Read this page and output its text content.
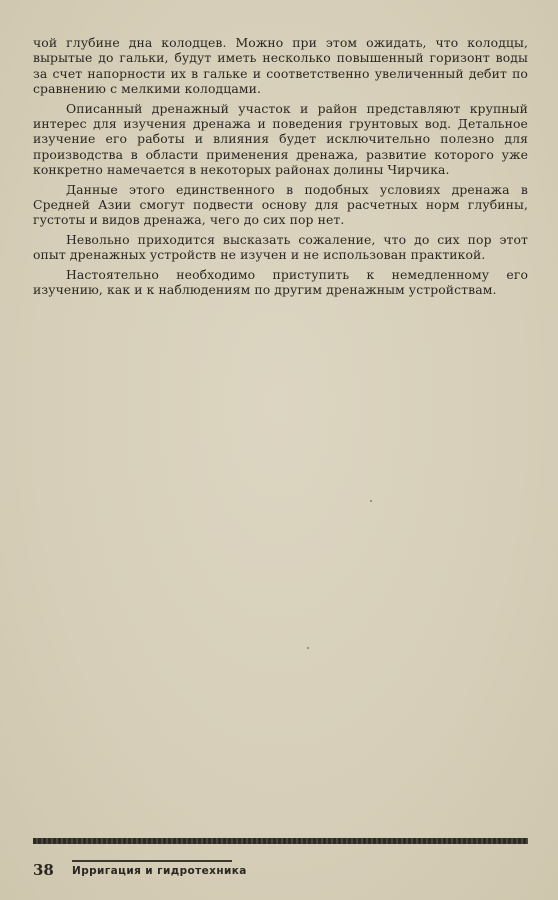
чой глубине дна колодцев. Можно при этом ожидать, что колодцы, вырытые до гальки, будут иметь несколько повышенный горизонт воды за счет напорности их в гальке и соответственно увеличенный дебит по сравнению с мелкими колодцами.

Описанный дренажный участок и район представляют крупный интерес для изучения дренажа и поведения грунтовых вод. Детальное изучение его работы и влияния будет исключительно полезно для производства в области применения дренажа, развитие которого уже конкретно намечается в некоторых районах долины Чирчика.

Данные этого единственного в подобных условиях дренажа в Средней Азии смогут подвести основу для расчетных норм глубины, густоты и видов дренажа, чего до сих пор нет.

Невольно приходится высказать сожаление, что до сих пор этот опыт дренажных устройств не изучен и не использован практикой.

Настоятельно необходимо приступить к немедленному его изучению, как и к наблюдениям по другим дренажным устройствам.

38 Ирригация и гидротехника
